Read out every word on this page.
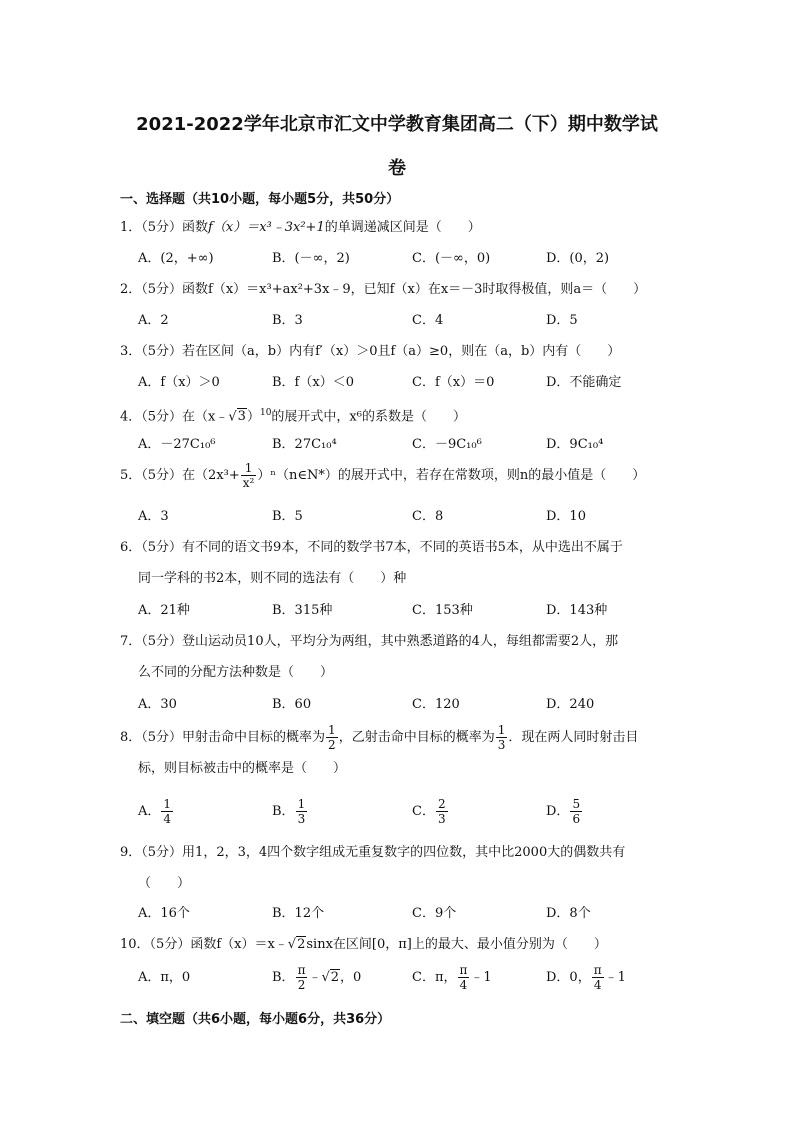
2021-2022学年北京市汇文中学教育集团高二（下）期中数学试
卷
一、选择题（共10小题，每小题5分，共50分）
1．（5分）函数f（x）＝x³﹣3x²+1的单调递减区间是（　　）
A．(2，+∞)	B．(－∞，2)	C．(－∞，0)	D．(0，2)
2．（5分）函数f（x）＝x³+ax²+3x﹣9，已知f（x）在x＝－3时取得极值，则a＝（　　）
A．2	B．3	C．4	D．5
3．（5分）若在区间（a，b）内有f′（x）＞0且f（a）≥0，则在（a，b）内有（　　）
A．f（x）＞0	B．f（x）＜0	C．f（x）＝0	D．不能确定
4．（5分）在（x﹣√3）$^{10}$的展开式中，x⁶的系数是（　　）
A．－27C₁₀⁶	B．27C₁₀⁴	C．－9C₁₀⁶	D．9C₁₀⁴
5．（5分）在（$2x^3+ \frac{1}{\text{x²}}$ ）ⁿ（n∈N*）的展开式中，若存在常数项，则n的最小值是（　　）
A．3	B．5	C．8	D．10
6．（5分）有不同的语文书9本，不同的数学书7本，不同的英语书5本，从中选出不属于
同一学科的书2本，则不同的选法有（　　）种
A．21种	B．315种	C．153种	D．143种
7．（5分）登山运动员10人，平均分为两组，其中熟悉道路的4人，每组都需要2人，那
么不同的分配方法种数是（　　）
A．30	B．60	C．120	D．240
8．（5分）甲射击命中目标的概率为 $\frac{1}{2}$ ，乙射击命中目标的概率为 $\frac{1}{3}$ ．现在两人同时射击目
标，则目标被击中的概率是（　　）
A． $\frac{1}{4}$	B． $\frac{1}{3}$	C． $\frac{2}{3}$	D． $\frac{5}{6}$
9．（5分）用1，2，3，4四个数字组成无重复数字的四位数，其中比2000大的偶数共有
（　　）
A．16个	B．12个	C．9个	D．8个
10．（5分）函数f（x）＝x﹣√2sinx在区间[0，π]上的最大、最小值分别为（　　）
A．π，0	B． $\frac{\pi}{2}$ ﹣√2，0	C．π， $\frac{\pi}{4}$ ﹣1	D．0， $\frac{\pi}{4}$ ﹣1
二、填空题（共6小题，每小题6分，共36分）
